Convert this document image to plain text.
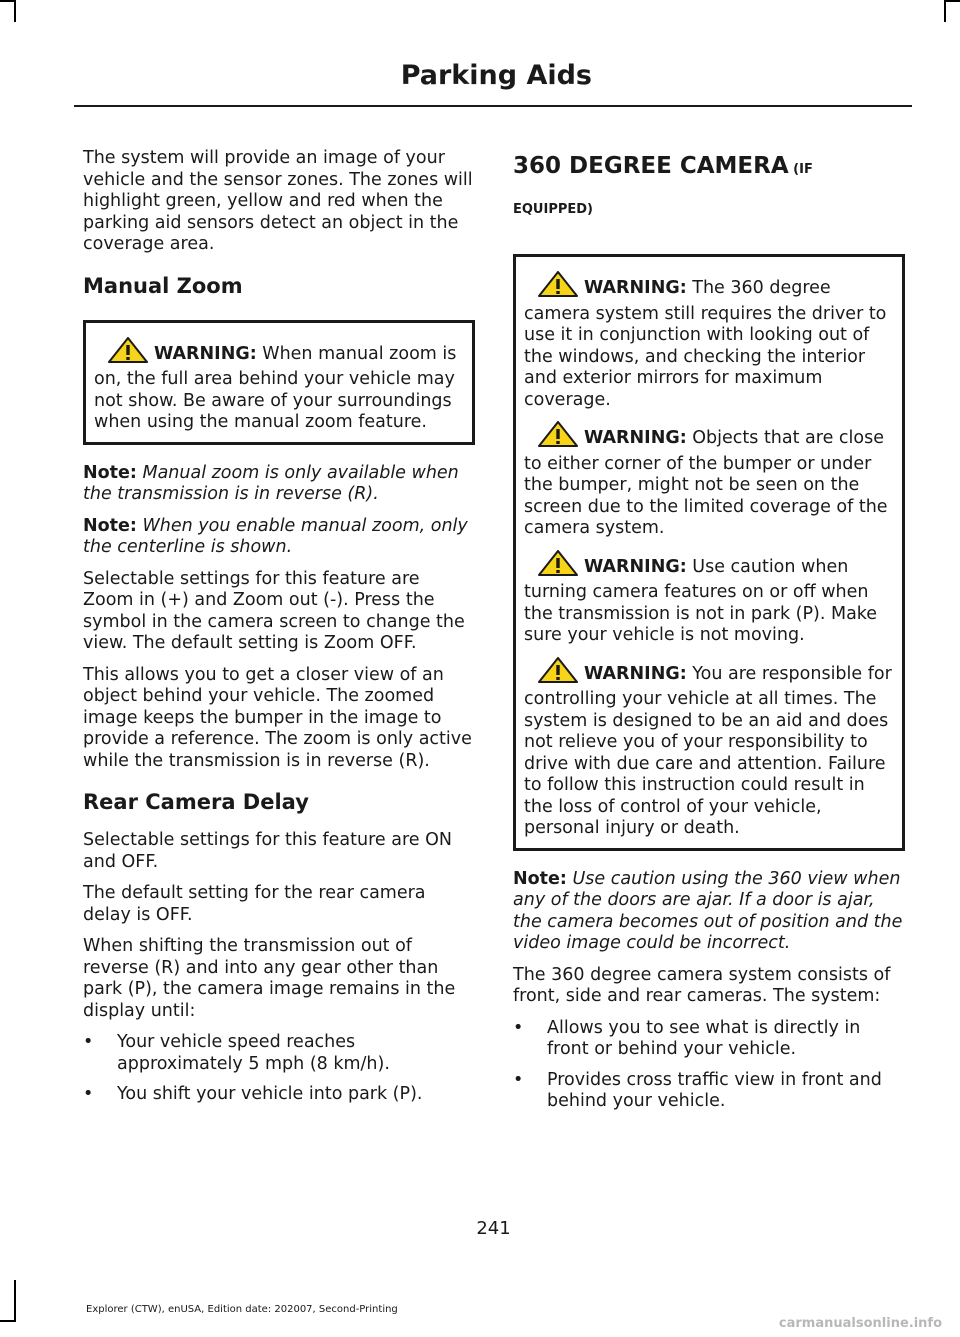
Parking Aids

The system will provide an image of your vehicle and the sensor zones. The zones will highlight green, yellow and red when the parking aid sensors detect an object in the coverage area.

Manual Zoom

WARNING: When manual zoom is on, the full area behind your vehicle may not show. Be aware of your surroundings when using the manual zoom feature.

Note: Manual zoom is only available when the transmission is in reverse (R).

Note: When you enable manual zoom, only the centerline is shown.

Selectable settings for this feature are Zoom in (+) and Zoom out (-). Press the symbol in the camera screen to change the view. The default setting is Zoom OFF.

This allows you to get a closer view of an object behind your vehicle. The zoomed image keeps the bumper in the image to provide a reference. The zoom is only active while the transmission is in reverse (R).

Rear Camera Delay

Selectable settings for this feature are ON and OFF.

The default setting for the rear camera delay is OFF.

When shifting the transmission out of reverse (R) and into any gear other than park (P), the camera image remains in the display until:

• Your vehicle speed reaches approximately 5 mph (8 km/h).
• You shift your vehicle into park (P).
360 DEGREE CAMERA (IF
EQUIPPED)

WARNING: The 360 degree camera system still requires the driver to use it in conjunction with looking out of the windows, and checking the interior and exterior mirrors for maximum coverage.

WARNING: Objects that are close to either corner of the bumper or under the bumper, might not be seen on the screen due to the limited coverage of the camera system.

WARNING: Use caution when turning camera features on or off when the transmission is not in park (P). Make sure your vehicle is not moving.

WARNING: You are responsible for controlling your vehicle at all times. The system is designed to be an aid and does not relieve you of your responsibility to drive with due care and attention. Failure to follow this instruction could result in the loss of control of your vehicle, personal injury or death.

Note: Use caution using the 360 view when any of the doors are ajar. If a door is ajar, the camera becomes out of position and the video image could be incorrect.

The 360 degree camera system consists of front, side and rear cameras. The system:

• Allows you to see what is directly in front or behind your vehicle.
• Provides cross traffic view in front and behind your vehicle.
241
Explorer (CTW), enUSA, Edition date: 202007, Second-Printing
carmanualsonline.info
